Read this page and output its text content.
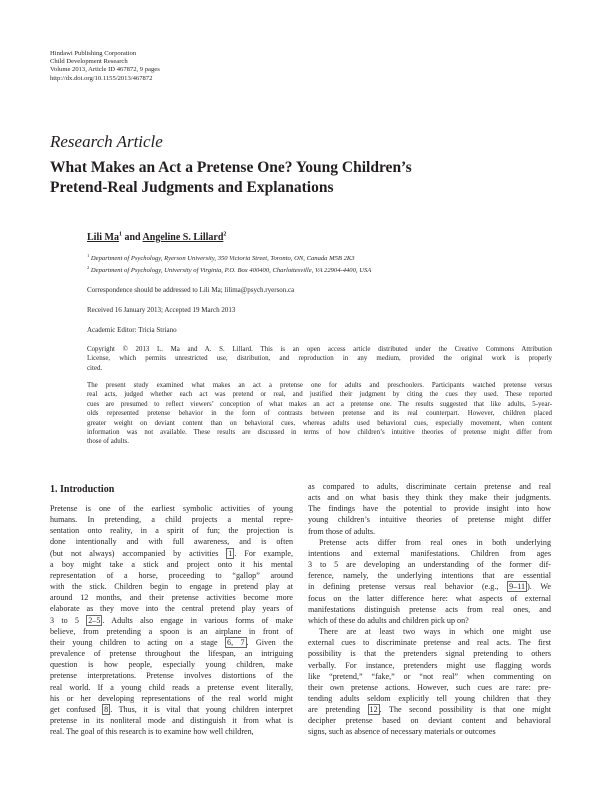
Hindawi Publishing Corporation
Child Development Research
Volume 2013, Article ID 467872, 9 pages
http://dx.doi.org/10.1155/2013/467872
Research Article
What Makes an Act a Pretense One? Young Children’s
Pretend-Real Judgments and Explanations
Lili Ma$^1$ and Angeline S. Lillard$^2$
$^1$ Department of Psychology, Ryerson University, 350 Victoria Street, Toronto, ON, Canada M5B 2K3
$^2$ Department of Psychology, University of Virginia, P.O. Box 400400, Charlottesville, VA 22904-4400, USA
Correspondence should be addressed to Lili Ma; lilima@psych.ryerson.ca
Received 16 January 2013; Accepted 19 March 2013
Academic Editor: Tricia Striano
Copyright © 2013 L. Ma and A. S. Lillard. This is an open access article distributed under the Creative Commons Attribution
License, which permits unrestricted use, distribution, and reproduction in any medium, provided the original work is properly
cited.
The present study examined what makes an act a pretense one for adults and preschoolers. Participants watched pretense versus
real acts, judged whether each act was pretend or real, and justified their judgment by citing the cues they used. These reported
cues are presumed to reflect viewers’ conception of what makes an act a pretense one. The results suggested that like adults, 5-year-
olds represented pretense behavior in the form of contrasts between pretense and its real counterpart. However, children placed
greater weight on deviant content than on behavioral cues, whereas adults used behavioral cues, especially movement, when content
information was not available. These results are discussed in terms of how children’s intuitive theories of pretense might differ from
those of adults.
1. Introduction
Pretense is one of the earliest symbolic activities of young
humans. In pretending, a child projects a mental repre-
sentation onto reality, in a spirit of fun; the projection is
done intentionally and with full awareness, and is often
(but not always) accompanied by activities 1 . For example,
a boy might take a stick and project onto it his mental
representation of a horse, proceeding to “gallop” around
with the stick. Children begin to engage in pretend play at
around 12 months, and their pretense activities become more
elaborate as they move into the central pretend play years of
3 to 5 2–5 . Adults also engage in various forms of make
believe, from pretending a spoon is an airplane in front of
their young children to acting on a stage 6, 7 . Given the
prevalence of pretense throughout the lifespan, an intriguing
question is how people, especially young children, make
pretense interpretations. Pretense involves distortions of the
real world. If a young child reads a pretense event literally,
his or her developing representations of the real world might
get confused 8 . Thus, it is vital that young children interpret
pretense in its nonliteral mode and distinguish it from what is
real. The goal of this research is to examine how well children,
as compared to adults, discriminate certain pretense and real
acts and on what basis they think they make their judgments.
The findings have the potential to provide insight into how
young children’s intuitive theories of pretense might differ
from those of adults.
Pretense acts differ from real ones in both underlying
intentions and external manifestations. Children from ages
3 to 5 are developing an understanding of the former dif-
ference, namely, the underlying intentions that are essential
in defining pretense versus real behavior (e.g., 9–11 ). We
focus on the latter difference here: what aspects of external
manifestations distinguish pretense acts from real ones, and
which of these do adults and children pick up on?
There are at least two ways in which one might use
external cues to discriminate pretense and real acts. The first
possibility is that the pretenders signal pretending to others
verbally. For instance, pretenders might use flagging words
like “pretend,” “fake,” or “not real” when commenting on
their own pretense actions. However, such cues are rare: pre-
tending adults seldom explicitly tell young children that they
are pretending 12 . The second possibility is that one might
decipher pretense based on deviant content and behavioral
signs, such as absence of necessary materials or outcomes
